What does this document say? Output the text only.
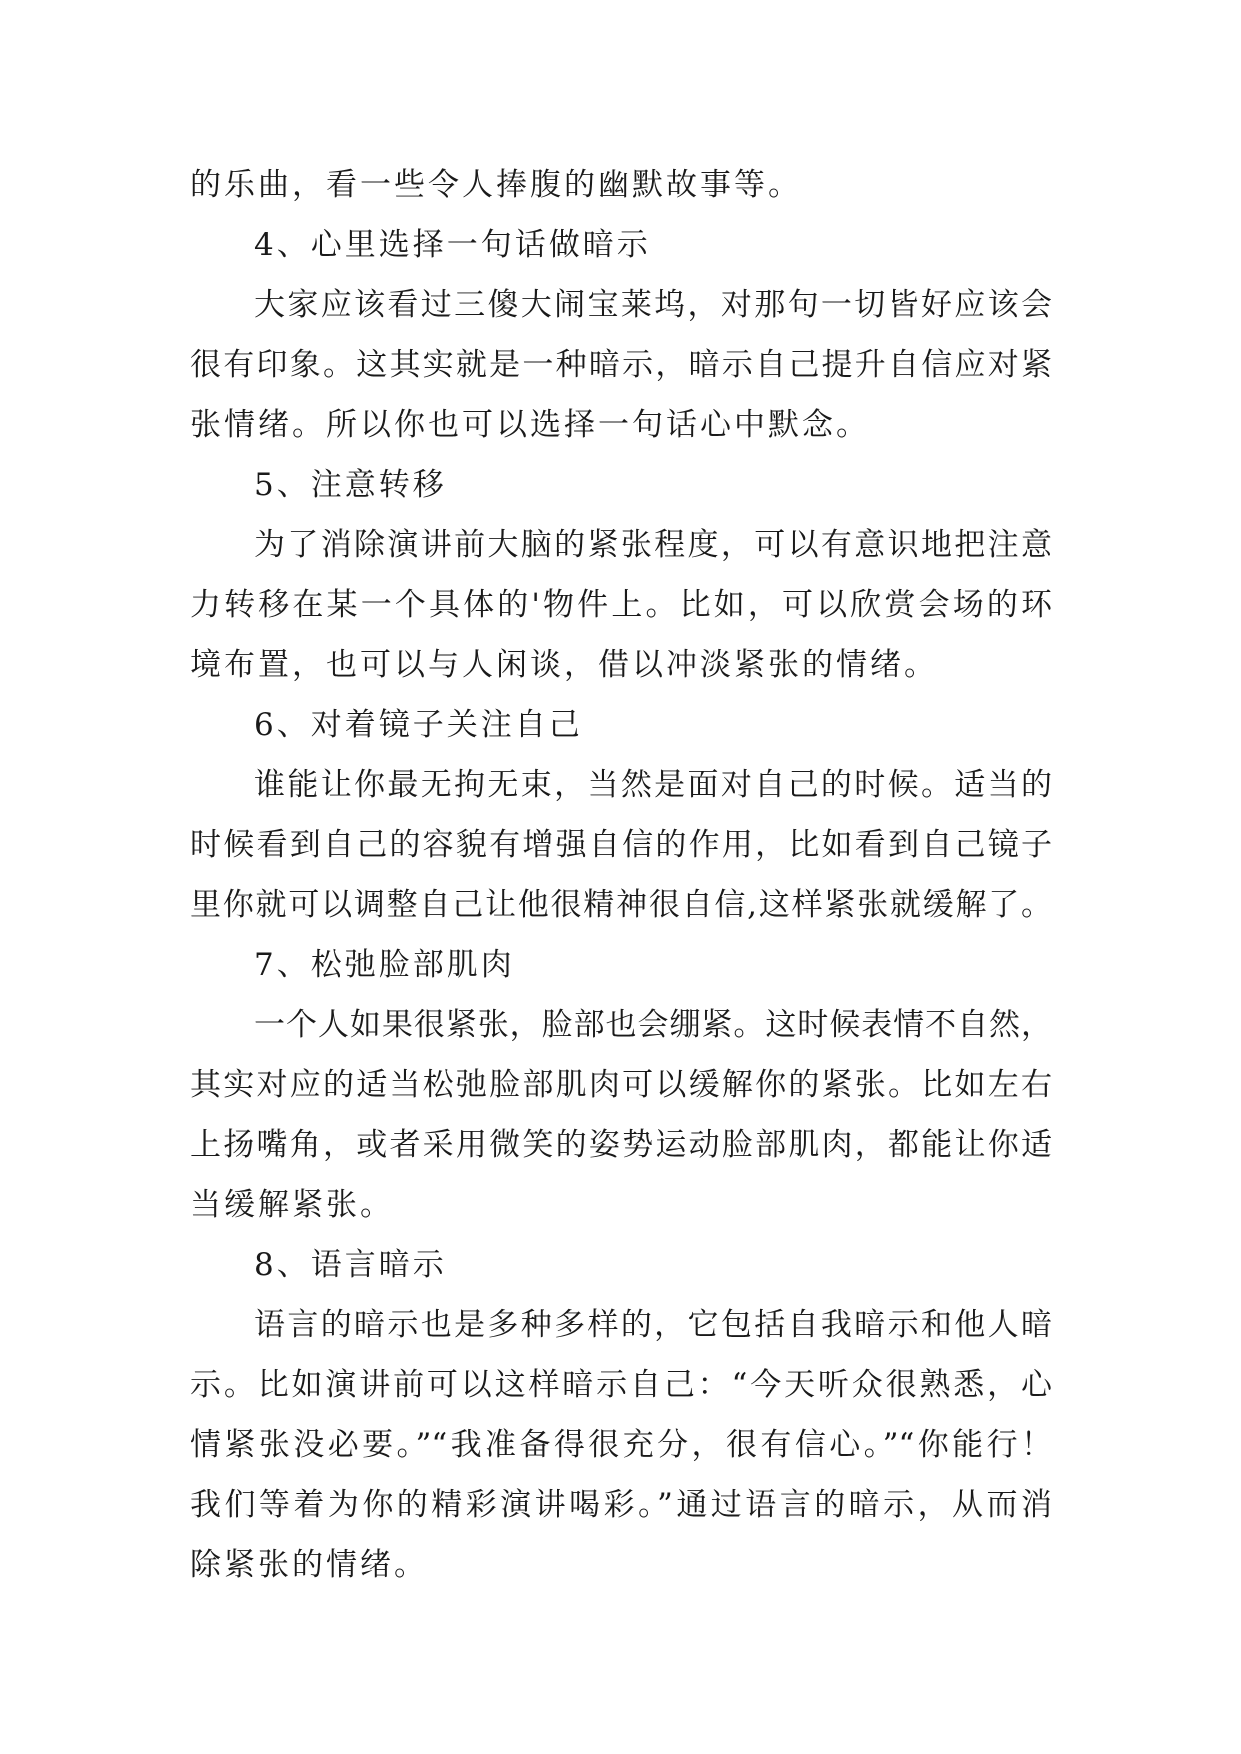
的乐曲，看一些令人捧腹的幽默故事等。
4、心里选择一句话做暗示
大家应该看过三傻大闹宝莱坞，对那句一切皆好应该会
很有印象。这其实就是一种暗示，暗示自己提升自信应对紧
张情绪。所以你也可以选择一句话心中默念。
5、注意转移
为了消除演讲前大脑的紧张程度，可以有意识地把注意
力转移在某一个具体的'物件上。比如，可以欣赏会场的环
境布置，也可以与人闲谈，借以冲淡紧张的情绪。
6、对着镜子关注自己
谁能让你最无拘无束，当然是面对自己的时候。适当的
时候看到自己的容貌有增强自信的作用，比如看到自己镜子
里你就可以调整自己让他很精神很自信,这样紧张就缓解了。
7、松弛脸部肌肉
一个人如果很紧张，脸部也会绷紧。这时候表情不自然，
其实对应的适当松弛脸部肌肉可以缓解你的紧张。比如左右
上扬嘴角，或者采用微笑的姿势运动脸部肌肉，都能让你适
当缓解紧张。
8、语言暗示
语言的暗示也是多种多样的，它包括自我暗示和他人暗
示。比如演讲前可以这样暗示自己：“今天听众很熟悉，心
情紧张没必要。”“我准备得很充分，很有信心。”“你能行！
我们等着为你的精彩演讲喝彩。”通过语言的暗示，从而消
除紧张的情绪。
